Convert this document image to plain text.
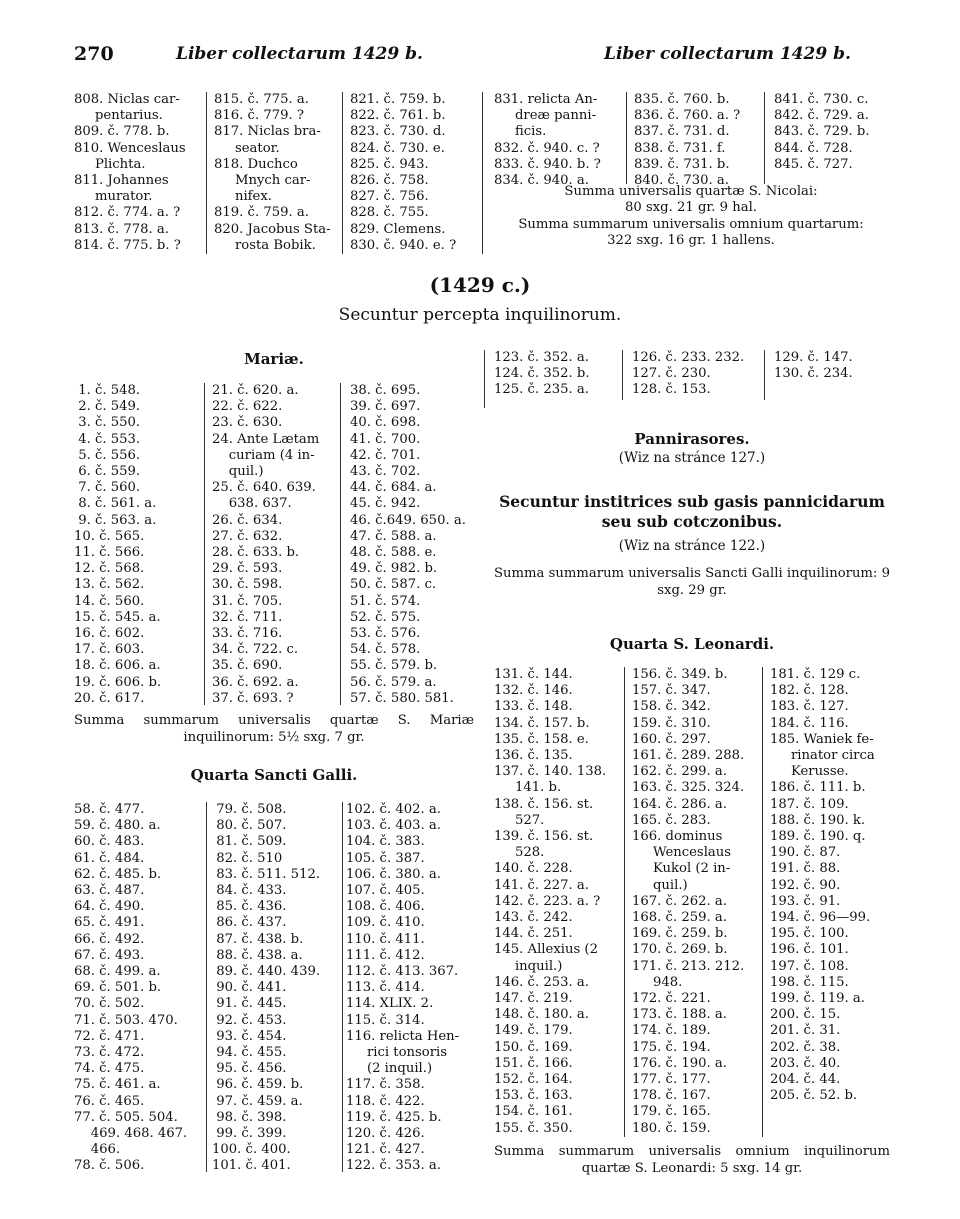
270	Liber collectarum 1429 b.	Liber collectarum 1429 b.
808. Niclas car-
pentarius.
809. č. 778. b.
810. Wenceslaus
Plichta.
811. Johannes
murator.
812. č. 774. a. ?
813. č. 778. a.
814. č. 775. b. ?
815. č. 775. a.
816. č. 779. ?
817. Niclas bra-
seator.
818. Duchco
Mnych car-
nifex.
819. č. 759. a.
820. Jacobus Sta-
rosta Bobik.
821. č. 759. b.
822. č. 761. b.
823. č. 730. d.
824. č. 730. e.
825. č. 943.
826. č. 758.
827. č. 756.
828. č. 755.
829. Clemens.
830. č. 940. e. ?
831. relicta An-
dreæ panni-
ficis.
832. č. 940. c. ?
833. č. 940. b. ?
834. č. 940. a.
835. č. 760. b.
836. č. 760. a. ?
837. č. 731. d.
838. č. 731. f.
839. č. 731. b.
840. č. 730. a.
841. č. 730. c.
842. č. 729. a.
843. č. 729. b.
844. č. 728.
845. č. 727.
Summa universalis quartæ S. Nicolai:
80 sxg. 21 gr. 9 hal.
Summa summarum universalis omnium quartarum:
322 sxg. 16 gr. 1 hallens.
(1429 c.)
Secuntur percepta inquilinorum.
Mariæ.
1. č. 548.
2. č. 549.
3. č. 550.
4. č. 553.
5. č. 556.
6. č. 559.
7. č. 560.
8. č. 561. a.
9. č. 563. a.
10. č. 565.
11. č. 566.
12. č. 568.
13. č. 562.
14. č. 560.
15. č. 545. a.
16. č. 602.
17. č. 603.
18. č. 606. a.
19. č. 606. b.
20. č. 617.
21. č. 620. a.
22. č. 622.
23. č. 630.
24. Ante Lætam
curiam (4 in-
quil.)
25. č. 640. 639.
638. 637.
26. č. 634.
27. č. 632.
28. č. 633. b.
29. č. 593.
30. č. 598.
31. č. 705.
32. č. 711.
33. č. 716.
34. č. 722. c.
35. č. 690.
36. č. 692. a.
37. č. 693. ?
38. č. 695.
39. č. 697.
40. č. 698.
41. č. 700.
42. č. 701.
43. č. 702.
44. č. 684. a.
45. č. 942.
46. č.649. 650. a.
47. č. 588. a.
48. č. 588. e.
49. č. 982. b.
50. č. 587. c.
51. č. 574.
52. č. 575.
53. č. 576.
54. č. 578.
55. č. 579. b.
56. č. 579. a.
57. č. 580. 581.
Summa summarum universalis quartæ S. Mariæ inquilinorum: 5½ sxg. 7 gr.
Quarta Sancti Galli.
58. č. 477.
59. č. 480. a.
60. č. 483.
61. č. 484.
62. č. 485. b.
63. č. 487.
64. č. 490.
65. č. 491.
66. č. 492.
67. č. 493.
68. č. 499. a.
69. č. 501. b.
70. č. 502.
71. č. 503. 470.
72. č. 471.
73. č. 472.
74. č. 475.
75. č. 461. a.
76. č. 465.
77. č. 505. 504.
469. 468. 467.
466.
78. č. 506.
79. č. 508.
80. č. 507.
81. č. 509.
82. č. 510
83. č. 511. 512.
84. č. 433.
85. č. 436.
86. č. 437.
87. č. 438. b.
88. č. 438. a.
89. č. 440. 439.
90. č. 441.
91. č. 445.
92. č. 453.
93. č. 454.
94. č. 455.
95. č. 456.
96. č. 459. b.
97. č. 459. a.
98. č. 398.
99. č. 399.
100. č. 400.
101. č. 401.
102. č. 402. a.
103. č. 403. a.
104. č. 383.
105. č. 387.
106. č. 380. a.
107. č. 405.
108. č. 406.
109. č. 410.
110. č. 411.
111. č. 412.
112. č. 413. 367.
113. č. 414.
114. XLIX. 2.
115. č. 314.
116. relicta Hen-
rici tonsoris
(2 inquil.)
117. č. 358.
118. č. 422.
119. č. 425. b.
120. č. 426.
121. č. 427.
122. č. 353. a.
123. č. 352. a.
124. č. 352. b.
125. č. 235. a.
126. č. 233. 232.
127. č. 230.
128. č. 153.
129. č. 147.
130. č. 234.
Pannirasores.
(Wiz na stránce 127.)
Secuntur institrices sub gasis pannicidarum
seu sub cotczonibus.
(Wiz na stránce 122.)
Summa summarum universalis Sancti Galli inquilinorum: 9 sxg. 29 gr.
Quarta S. Leonardi.
131. č. 144.
132. č. 146.
133. č. 148.
134. č. 157. b.
135. č. 158. e.
136. č. 135.
137. č. 140. 138.
141. b.
138. č. 156. st.
527.
139. č. 156. st.
528.
140. č. 228.
141. č. 227. a.
142. č. 223. a. ?
143. č. 242.
144. č. 251.
145. Allexius (2
inquil.)
146. č. 253. a.
147. č. 219.
148. č. 180. a.
149. č. 179.
150. č. 169.
151. č. 166.
152. č. 164.
153. č. 163.
154. č. 161.
155. č. 350.
156. č. 349. b.
157. č. 347.
158. č. 342.
159. č. 310.
160. č. 297.
161. č. 289. 288.
162. č. 299. a.
163. č. 325. 324.
164. č. 286. a.
165. č. 283.
166. dominus
Wenceslaus
Kukol (2 in-
quil.)
167. č. 262. a.
168. č. 259. a.
169. č. 259. b.
170. č. 269. b.
171. č. 213. 212.
948.
172. č. 221.
173. č. 188. a.
174. č. 189.
175. č. 194.
176. č. 190. a.
177. č. 177.
178. č. 167.
179. č. 165.
180. č. 159.
181. č. 129 c.
182. č. 128.
183. č. 127.
184. č. 116.
185. Waniek fe-
rinator circa
Kerusse.
186. č. 111. b.
187. č. 109.
188. č. 190. k.
189. č. 190. q.
190. č. 87.
191. č. 88.
192. č. 90.
193. č. 91.
194. č. 96—99.
195. č. 100.
196. č. 101.
197. č. 108.
198. č. 115.
199. č. 119. a.
200. č. 15.
201. č. 31.
202. č. 38.
203. č. 40.
204. č. 44.
205. č. 52. b.
Summa summarum universalis omnium inquilinorum quartæ S. Leonardi: 5 sxg. 14 gr.
